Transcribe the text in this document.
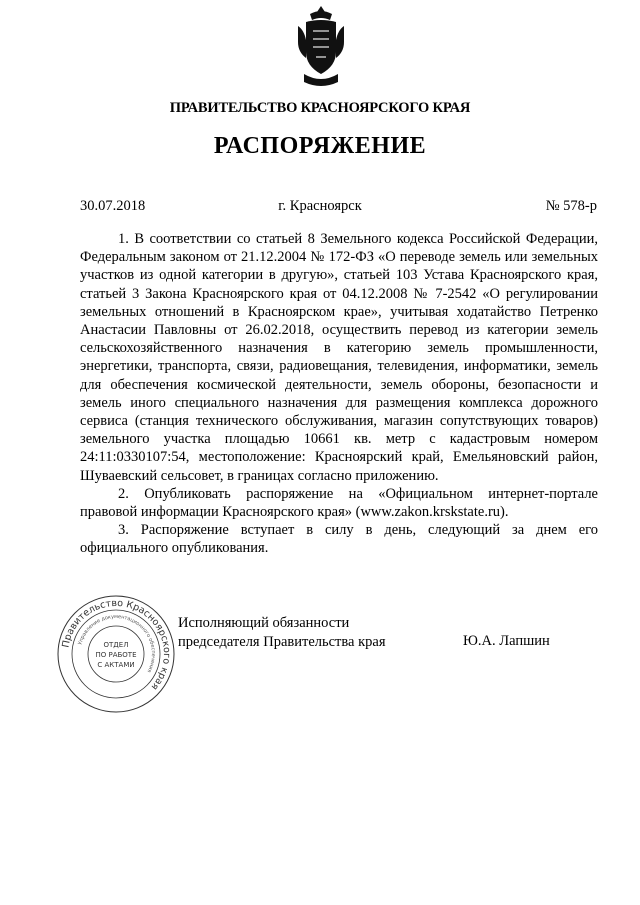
ПРАВИТЕЛЬСТВО КРАСНОЯРСКОГО КРАЯ
РАСПОРЯЖЕНИЕ
30.07.2018	г. Красноярск	№ 578-р

1. В соответствии со статьей 8 Земельного кодекса Российской Федерации, Федеральным законом от 21.12.2004 № 172-ФЗ «О переводе земель или земельных участков из одной категории в другую», статьей 103 Устава Красноярского края, статьей 3 Закона Красноярского края от 04.12.2008 № 7-2542 «О регулировании земельных отношений в Красноярском крае», учитывая ходатайство Петренко Анастасии Павловны от 26.02.2018, осуществить перевод из категории земель сельскохозяйственного назначения в категорию земель промышленности, энергетики, транспорта, связи, радиовещания, телевидения, информатики, земель для обеспечения космической деятельности, земель обороны, безопасности и земель иного специального назначения для размещения комплекса дорожного сервиса (станция технического обслуживания, магазин сопутствующих товаров) земельного участка площадью 10661 кв. метр с кадастровым номером 24:11:0330107:54, местоположение: Красноярский край, Емельяновский район, Шуваевский сельсовет, в границах согласно приложению.

2. Опубликовать распоряжение на «Официальном интернет-портале правовой информации Красноярского края» (www.zakon.krskstate.ru).

3. Распоряжение вступает в силу в день, следующий за днем его официального опубликования.

Правительство Красноярского края
Управление документационного обеспечения
ОТДЕЛ
ПО РАБОТЕ
С АКТАМИ
Исполняющий обязанности
председателя Правительства края	Ю.А. Лапшин
